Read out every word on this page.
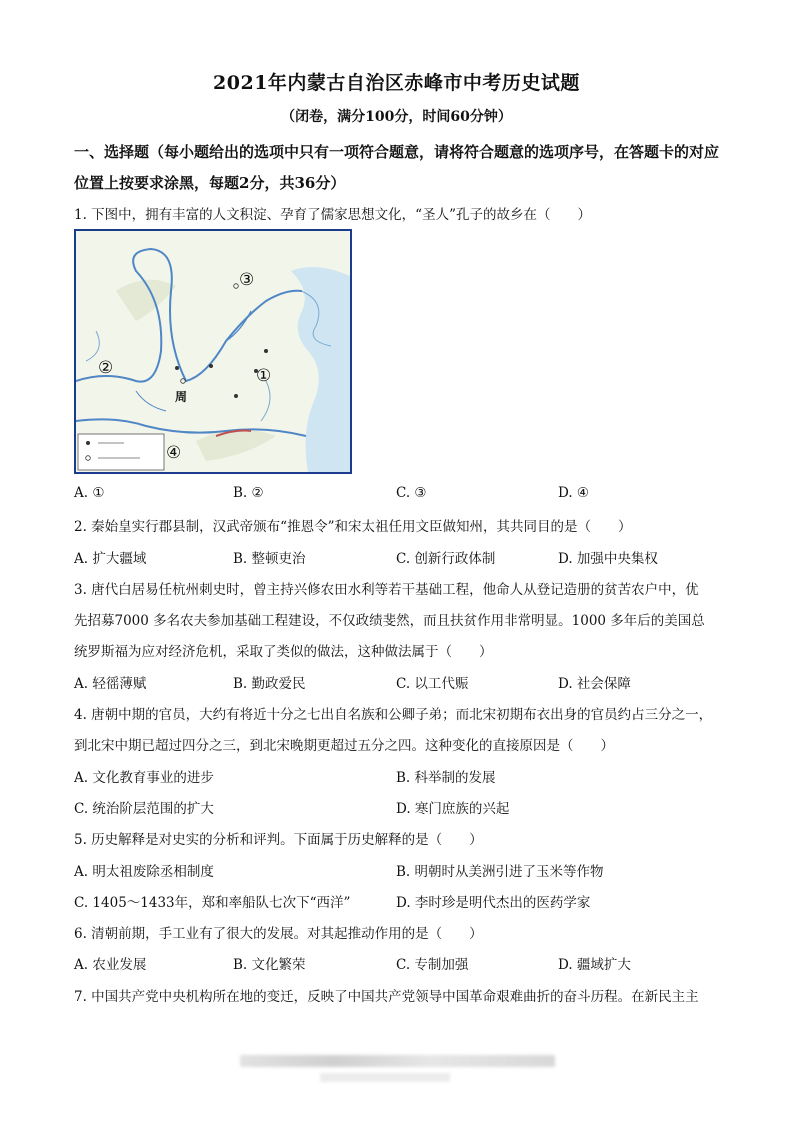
2021年内蒙古自治区赤峰市中考历史试题
（闭卷，满分100分，时间60分钟）
一、选择题（每小题给出的选项中只有一项符合题意，请将符合题意的选项序号，在答题卡的对应位置上按要求涂黑，每题2分，共36分）
1. 下图中，拥有丰富的人文积淀、孕育了儒家思想文化，“圣人”孔子的故乡在（　　）
③
②	①
④
周
A. ①	B. ②	C. ③	D. ④
2. 秦始皇实行郡县制，汉武帝颁布“推恩令”和宋太祖任用文臣做知州，其共同目的是（　　）
A. 扩大疆域	B. 整顿吏治	C. 创新行政体制	D. 加强中央集权
3. 唐代白居易任杭州刺史时，曾主持兴修农田水利等若干基础工程，他命人从登记造册的贫苦农户中，优
先招募7000 多名农夫参加基础工程建设，不仅政绩斐然，而且扶贫作用非常明显。1000 多年后的美国总
统罗斯福为应对经济危机，采取了类似的做法，这种做法属于（　　）
A. 轻徭薄赋	B. 勤政爱民	C. 以工代赈	D. 社会保障
4. 唐朝中期的官员，大约有将近十分之七出自名族和公卿子弟；而北宋初期布衣出身的官员约占三分之一，
到北宋中期已超过四分之三，到北宋晚期更超过五分之四。这种变化的直接原因是（　　）
A. 文化教育事业的进步	B. 科举制的发展
C. 统治阶层范围的扩大	D. 寒门庶族的兴起
5. 历史解释是对史实的分析和评判。下面属于历史解释的是（　　）
A. 明太祖废除丞相制度	B. 明朝时从美洲引进了玉米等作物
C. 1405～1433年，郑和率船队七次下“西洋”	D. 李时珍是明代杰出的医药学家
6. 清朝前期，手工业有了很大的发展。对其起推动作用的是（　　）
A. 农业发展	B. 文化繁荣	C. 专制加强	D. 疆域扩大
7. 中国共产党中央机构所在地的变迁，反映了中国共产党领导中国革命艰难曲折的奋斗历程。在新民主主
